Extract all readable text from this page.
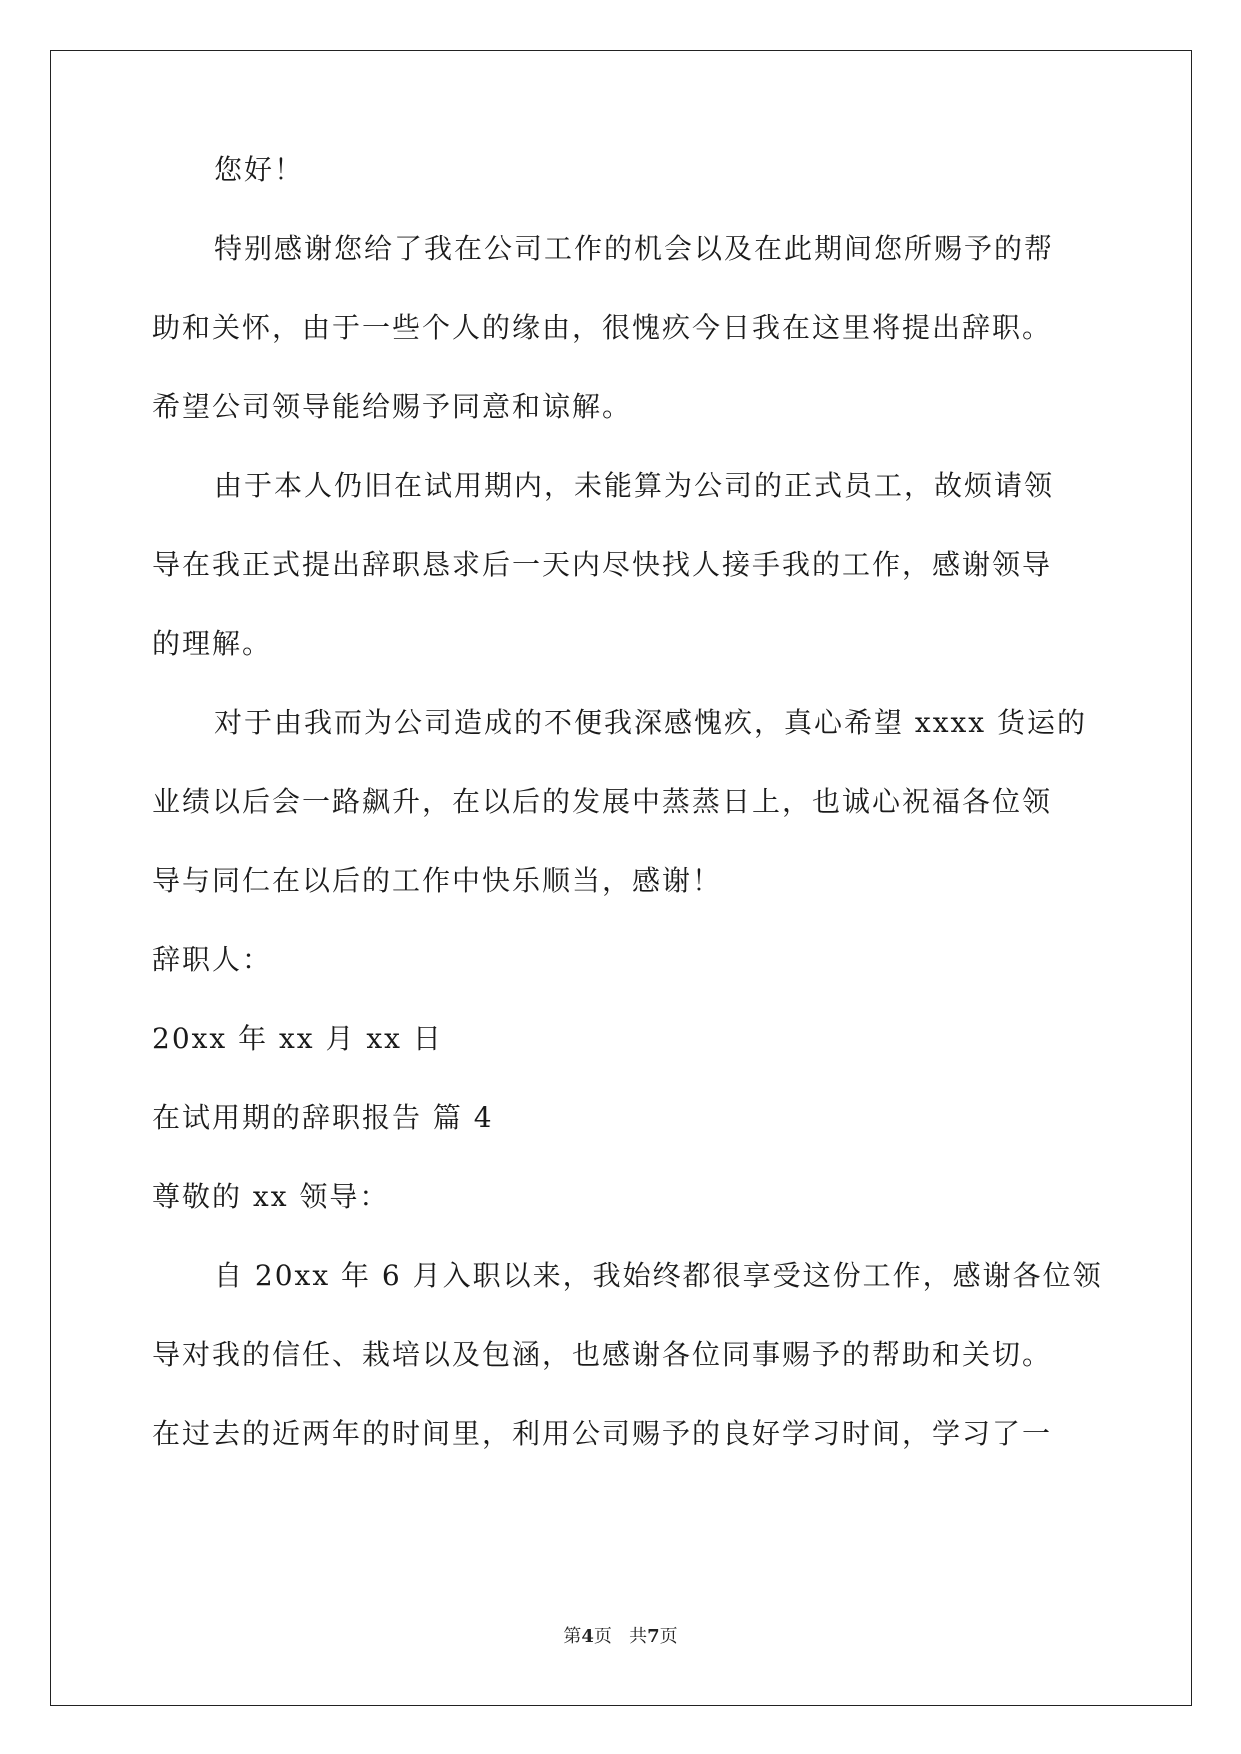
您好！
特别感谢您给了我在公司工作的机会以及在此期间您所赐予的帮
助和关怀，由于一些个人的缘由，很愧疚今日我在这里将提出辞职。
希望公司领导能给赐予同意和谅解。
由于本人仍旧在试用期内，未能算为公司的正式员工，故烦请领
导在我正式提出辞职恳求后一天内尽快找人接手我的工作，感谢领导
的理解。
对于由我而为公司造成的不便我深感愧疚，真心希望 xxxx 货运的
业绩以后会一路飙升，在以后的发展中蒸蒸日上，也诚心祝福各位领
导与同仁在以后的工作中快乐顺当，感谢！
辞职人：
20xx 年 xx 月 xx 日
在试用期的辞职报告 篇 4
尊敬的 xx 领导：
自 20xx 年 6 月入职以来，我始终都很享受这份工作，感谢各位领
导对我的信任、栽培以及包涵，也感谢各位同事赐予的帮助和关切。
在过去的近两年的时间里，利用公司赐予的良好学习时间，学习了一
第4页 共7页
